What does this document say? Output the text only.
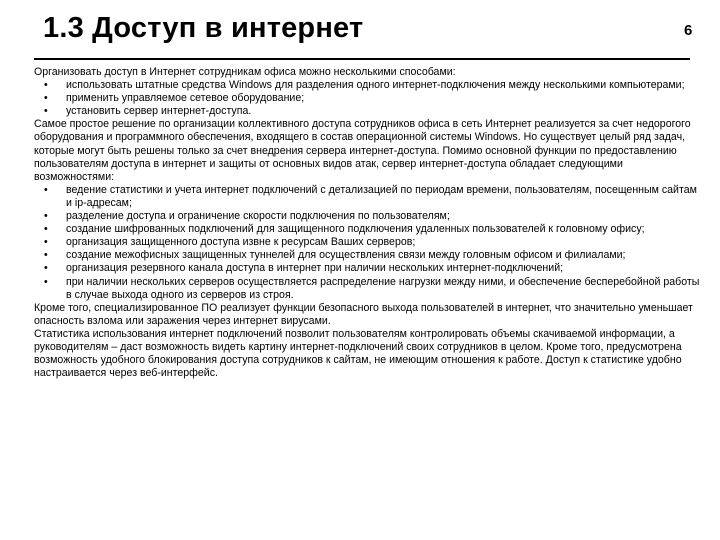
1.3 Доступ в интернет	6

Организовать доступ в Интернет сотрудникам офиса можно несколькими способами:

• использовать штатные средства Windows для разделения одного интернет-подключения между несколькими компьютерами;
• применить управляемое сетевое оборудование;
• установить сервер интернет-доступа.

Самое простое решение по организации коллективного доступа сотрудников офиса в сеть Интернет реализуется за счет недорогого оборудования и программного обеспечения, входящего в состав операционной системы Windows. Но существует целый ряд задач, которые могут быть решены только за счет внедрения сервера интернет-доступа. Помимо основной функции по предоставлению пользователям доступа в интернет и защиты от основных видов атак, сервер интернет-доступа обладает следующими возможностями:

• ведение статистики и учета интернет подключений с детализацией по периодам времени, пользователям, посещенным сайтам и ip-адресам;
• разделение доступа и ограничение скорости подключения по пользователям;
• создание шифрованных подключений для защищенного подключения удаленных пользователей к головному офису;
• организация защищенного доступа извне к ресурсам Ваших серверов;
• создание межофисных защищенных туннелей для осуществления связи между головным офисом и филиалами;
• организация резервного канала доступа в интернет при наличии нескольких интернет-подключений;
• при наличии нескольких серверов осуществляется распределение нагрузки между ними, и обеспечение бесперебойной работы в случае выхода одного из серверов из строя.

Кроме того, специализированное ПО реализует функции безопасного выхода пользователей в интернет, что значительно уменьшает опасность взлома или заражения через интернет вирусами.

Статистика использования интернет подключений позволит пользователям контролировать объемы скачиваемой информации, а руководителям – даст возможность видеть картину интернет-подключений своих сотрудников в целом. Кроме того, предусмотрена возможность удобного блокирования доступа сотрудников к сайтам, не имеющим отношения к работе. Доступ к статистике удобно настраивается через веб-интерфейс.
